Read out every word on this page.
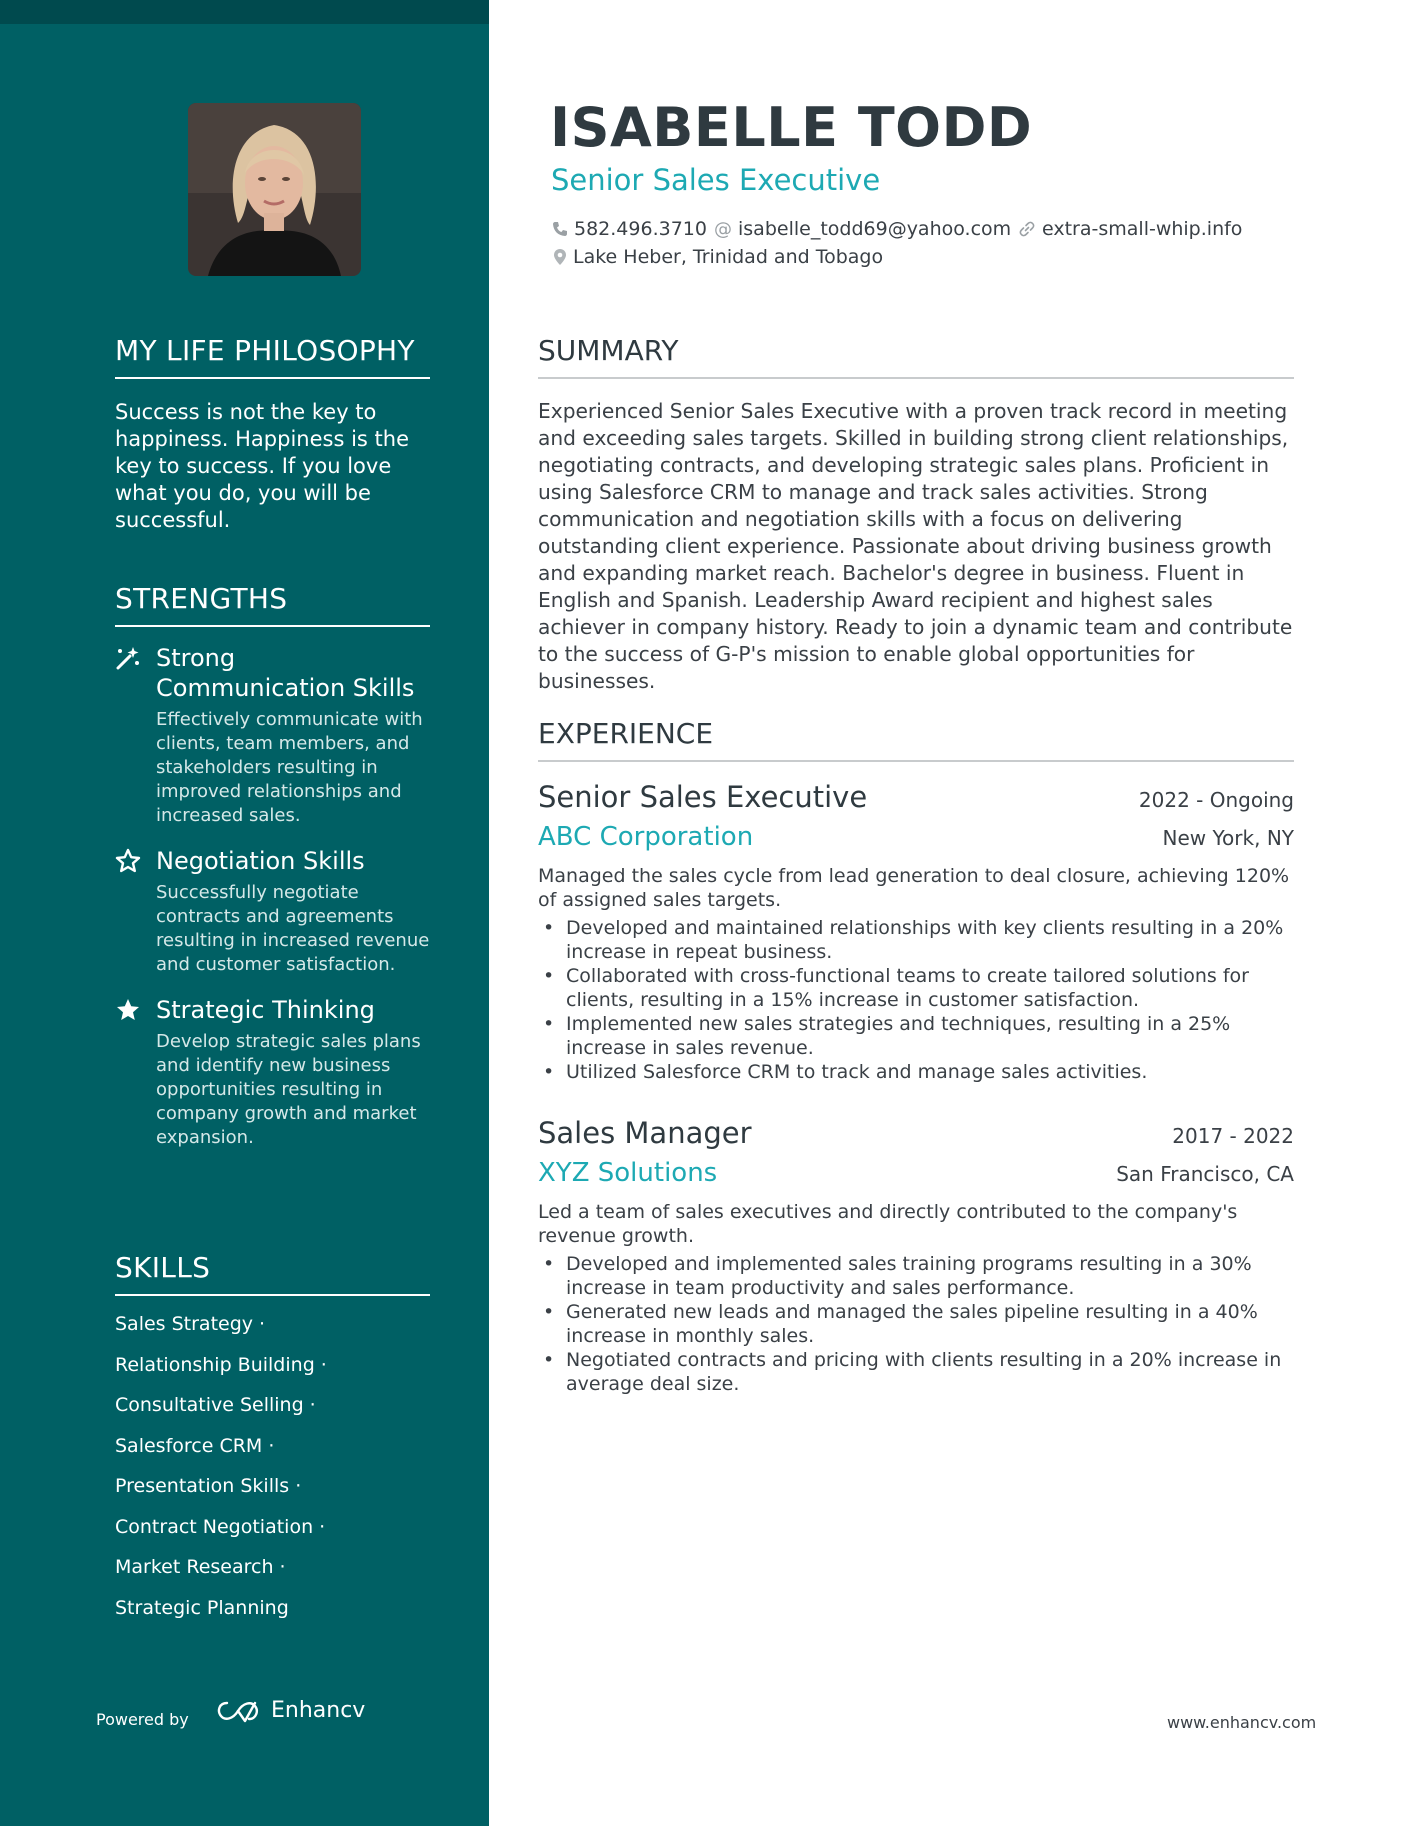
MY LIFE PHILOSOPHY
Success is not the key to happiness. Happiness is the key to success. If you love what you do, you will be successful.
STRENGTHS
Strong Communication Skills
Effectively communicate with clients, team members, and stakeholders resulting in improved relationships and increased sales.
Negotiation Skills
Successfully negotiate contracts and agreements resulting in increased revenue and customer satisfaction.
Strategic Thinking
Develop strategic sales plans and identify new business opportunities resulting in company growth and market expansion.
SKILLS
Sales Strategy ·
Relationship Building ·
Consultative Selling ·
Salesforce CRM ·
Presentation Skills ·
Contract Negotiation ·
Market Research ·
Strategic Planning
Powered by	Enhancv
ISABELLE TODD
Senior Sales Executive
582.496.3710 @ isabelle_todd69@yahoo.com extra-small-whip.info
Lake Heber, Trinidad and Tobago
SUMMARY
Experienced Senior Sales Executive with a proven track record in meeting and exceeding sales targets. Skilled in building strong client relationships, negotiating contracts, and developing strategic sales plans. Proficient in using Salesforce CRM to manage and track sales activities. Strong communication and negotiation skills with a focus on delivering outstanding client experience. Passionate about driving business growth and expanding market reach. Bachelor's degree in business. Fluent in English and Spanish. Leadership Award recipient and highest sales achiever in company history. Ready to join a dynamic team and contribute to the success of G-P's mission to enable global opportunities for businesses.
EXPERIENCE
Senior Sales Executive	2022 - Ongoing
ABC Corporation	New York, NY
Managed the sales cycle from lead generation to deal closure, achieving 120% of assigned sales targets.
• Developed and maintained relationships with key clients resulting in a 20% increase in repeat business.
• Collaborated with cross-functional teams to create tailored solutions for clients, resulting in a 15% increase in customer satisfaction.
• Implemented new sales strategies and techniques, resulting in a 25% increase in sales revenue.
• Utilized Salesforce CRM to track and manage sales activities.
Sales Manager	2017 - 2022
XYZ Solutions	San Francisco, CA
Led a team of sales executives and directly contributed to the company's revenue growth.
• Developed and implemented sales training programs resulting in a 30% increase in team productivity and sales performance.
• Generated new leads and managed the sales pipeline resulting in a 40% increase in monthly sales.
• Negotiated contracts and pricing with clients resulting in a 20% increase in average deal size.
www.enhancv.com
